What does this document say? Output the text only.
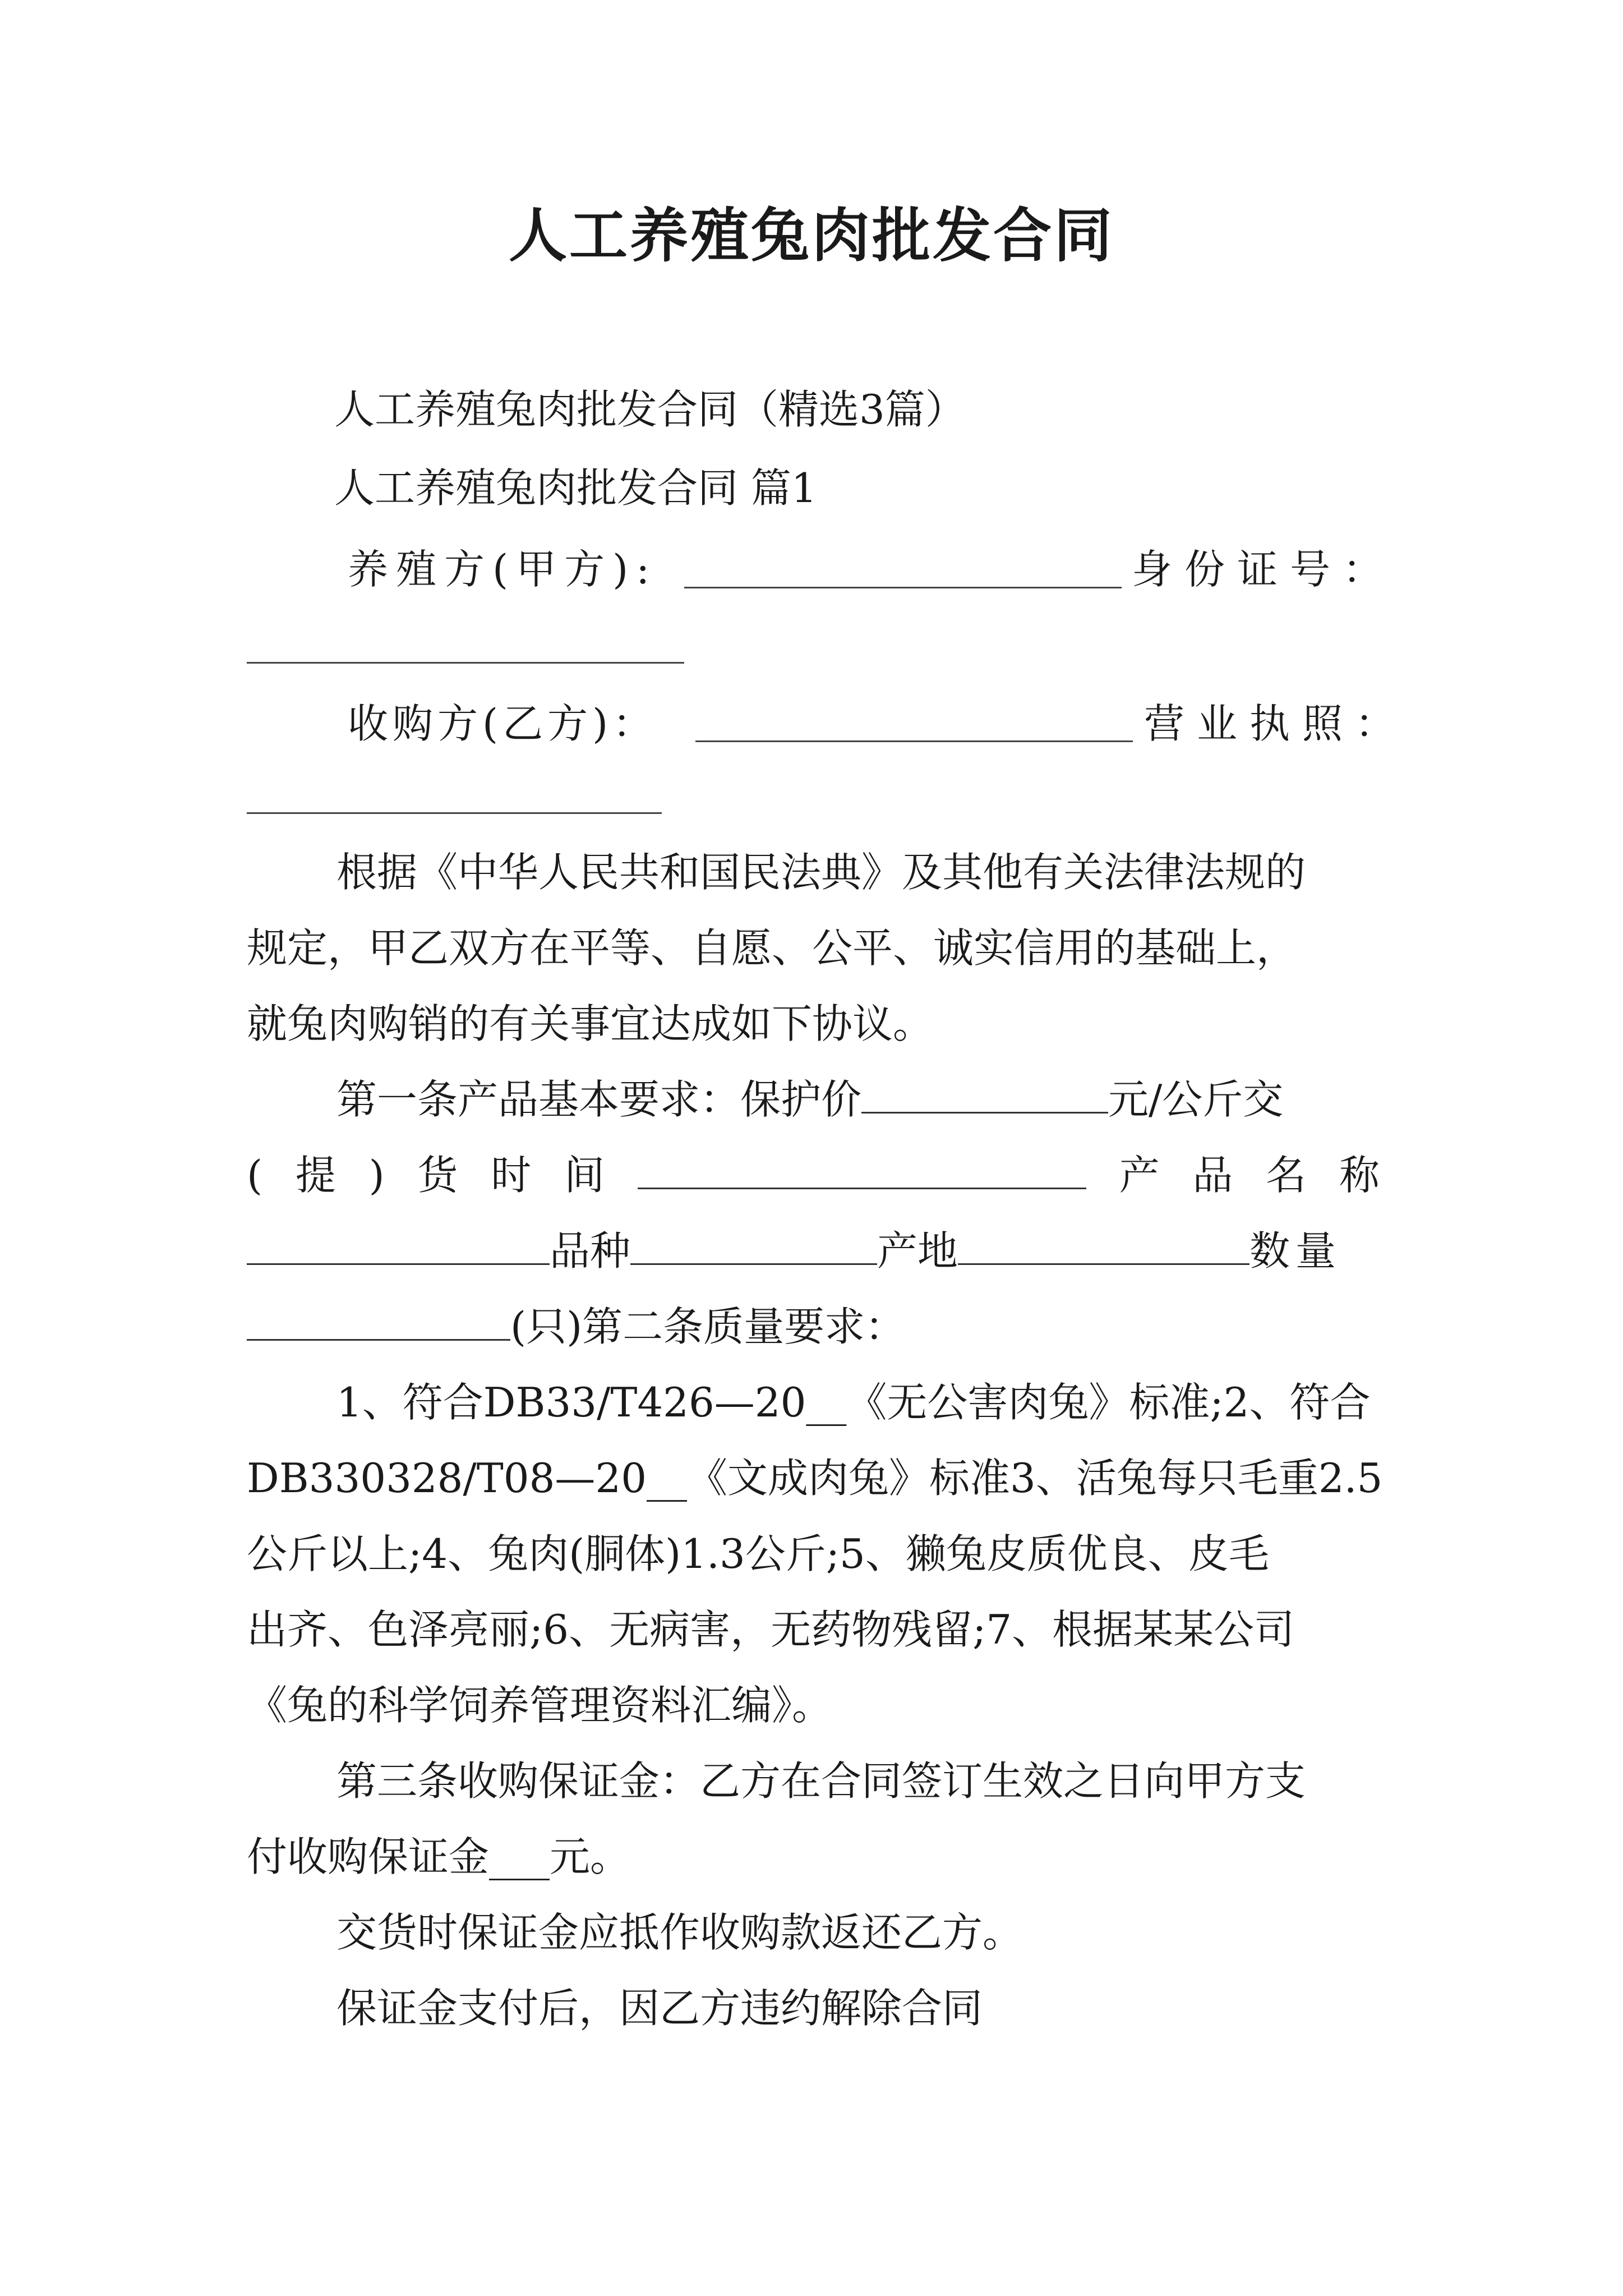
人工养殖兔肉批发合同
人工养殖兔肉批发合同（精选3篇）
人工养殖兔肉批发合同 篇1
养殖方(甲方):	身份证号：
收购方(乙方)：	营业执照：
根据《中华人民共和国民法典》及其他有关法律法规的
规定，甲乙双方在平等、自愿、公平、诚实信用的基础上，
就兔肉购销的有关事宜达成如下协议。
第一条产品基本要求：保护价	元/公斤交
( 提 ) 货 时 间	产 品 名 称
品种	产地	数量
(只)第二条质量要求：
1、符合DB33/T426—20__《无公害肉兔》标准;2、符合
DB330328/T08—20__《文成肉兔》标准3、活兔每只毛重2.5
公斤以上;4、兔肉(胴体)1.3公斤;5、獭兔皮质优良、皮毛
出齐、色泽亮丽;6、无病害，无药物残留;7、根据某某公司
《兔的科学饲养管理资料汇编》。
第三条收购保证金：乙方在合同签订生效之日向甲方支
付收购保证金___元。
交货时保证金应抵作收购款返还乙方。
保证金支付后，因乙方违约解除合同
